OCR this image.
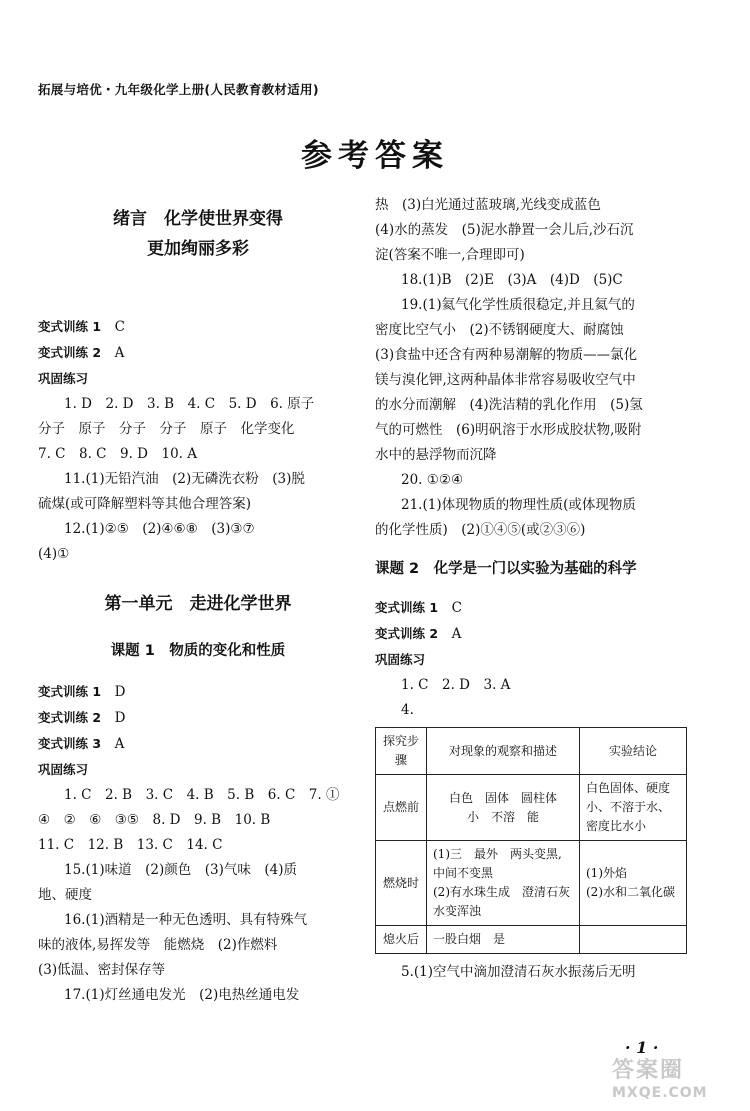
拓展与培优・九年级化学上册(人民教育教材适用)
参考答案
绪言　化学使世界变得
更加绚丽多彩
变式训练 1　 C
变式训练 2　 A
巩固练习
1. D　2. D　3. B　4. C　5. D　6. 原子
分子　原子　分子　分子　原子　化学变化
7. C　8. C　9. D　10. A
11.(1)无铅汽油　(2)无磷洗衣粉　(3)脱
硫煤(或可降解塑料等其他合理答案)
12.(1)②⑤　(2)④⑥⑧　(3)③⑦
(4)①
第一单元　走进化学世界
课题 1　物质的变化和性质
变式训练 1　 D
变式训练 2　 D
变式训练 3　 A
巩固练习
1. C　2. B　3. C　4. B　5. B　6. C　7. ①
④　②　⑥　③⑤　8. D　9. B　10. B
11. C　12. B　13. C　14. C
15.(1)味道　(2)颜色　(3)气味　(4)质
地、硬度
16.(1)酒精是一种无色透明、具有特殊气
味的液体,易挥发等　能燃烧　(2)作燃料
(3)低温、密封保存等
17.(1)灯丝通电发光　(2)电热丝通电发
热　(3)白光通过蓝玻璃,光线变成蓝色
(4)水的蒸发　(5)泥水静置一会儿后,沙石沉
淀(答案不唯一,合理即可)
18.(1)B　(2)E　(3)A　(4)D　(5)C
19.(1)氦气化学性质很稳定,并且氦气的
密度比空气小　(2)不锈钢硬度大、耐腐蚀
(3)食盐中还含有两种易潮解的物质——氯化
镁与溴化钾,这两种晶体非常容易吸收空气中
的水分而潮解　(4)洗洁精的乳化作用　(5)氢
气的可燃性　(6)明矾溶于水形成胶状物,吸附
水中的悬浮物而沉降
20. ①②④
21.(1)体现物质的物理性质(或体现物质
的化学性质)　(2)①④⑤(或②③⑥)
课题 2　化学是一门以实验为基础的科学
变式训练 1　 C
变式训练 2　 A
巩固练习
1. C　2. D　3. A
4.
探究步骤	对现象的观察和描述	实验结论
点燃前	白色　固体　圆柱体
小　不溶　能	白色固体、硬度小、不溶于水、密度比水小
燃烧时	(1)三　最外　两头变黑,中间不变黑
(2)有水珠生成　澄清石灰水变浑浊	(1)外焰
(2)水和二氧化碳
熄火后	一股白烟　是	
5.(1)空气中滴加澄清石灰水振荡后无明
· 1 ·
答案圈
MXQE.COM
